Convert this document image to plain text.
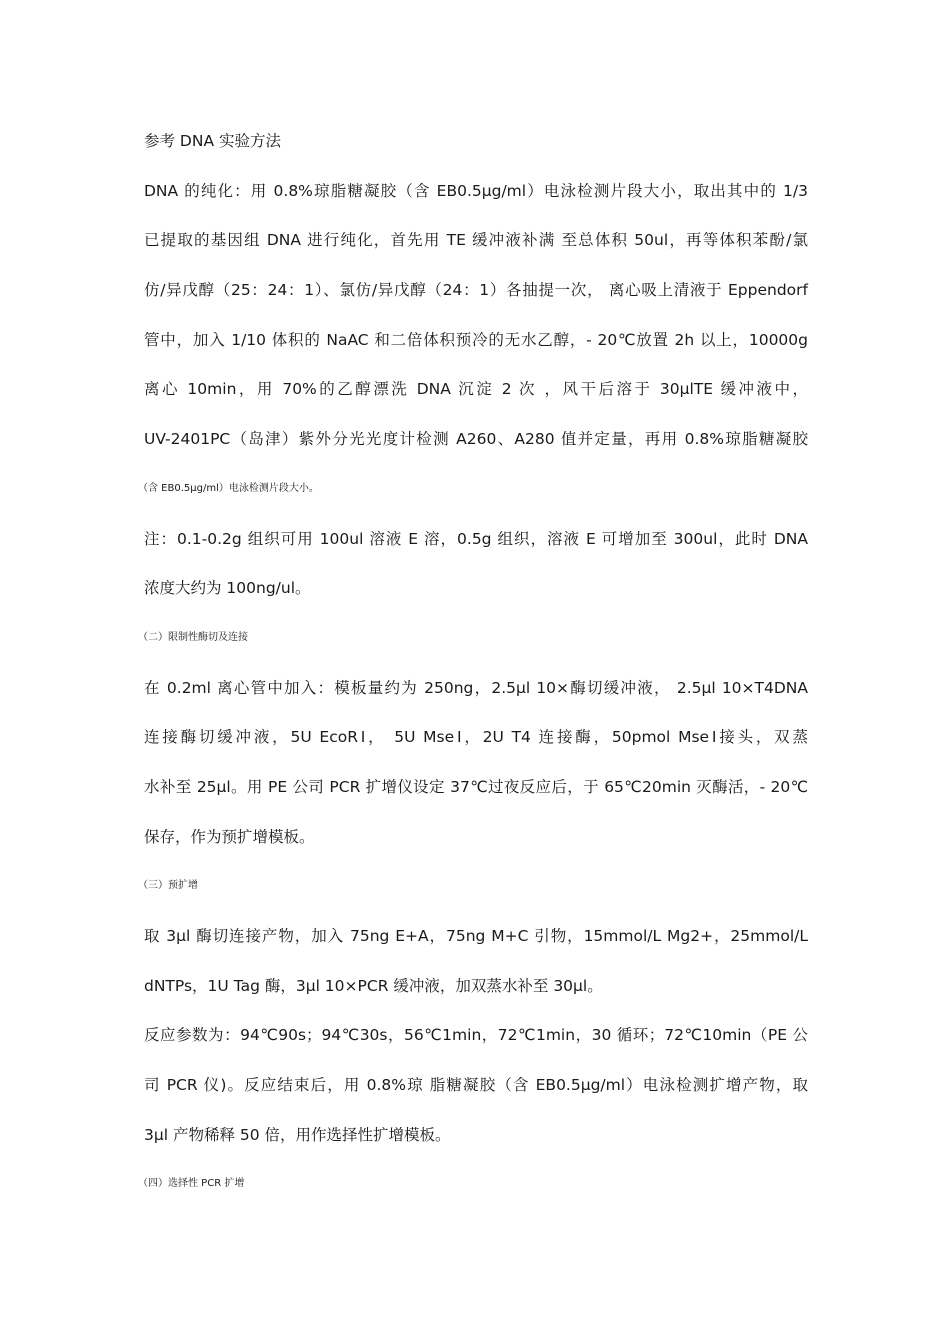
参考 DNA 实验方法
DNA 的纯化：用 0.8%琼脂糖凝胶（含 EB0.5μg/ml）电泳检测片段大小，取出其中的 1/3
已提取的基因组 DNA 进行纯化，首先用 TE 缓冲液补满 至总体积 50ul，再等体积苯酚/氯
仿/异戊醇（25：24：1）、氯仿/异戊醇（24：1）各抽提一次， 离心吸上清液于 Eppendorf
管中，加入 1/10 体积的 NaAC 和二倍体积预冷的无水乙醇，- 20℃放置 2h 以上，10000g
离心 10min，用 70%的乙醇漂洗 DNA 沉淀 2 次 ，风干后溶于 30μlTE 缓冲液中，
UV-2401PC（岛津）紫外分光光度计检测 A260、A280 值并定量，再用 0.8%琼脂糖凝胶
（含 EB0.5μg/ml）电泳检测片段大小。
注：0.1-0.2g 组织可用 100ul 溶液 E 溶，0.5g 组织，溶液 E 可增加至 300ul，此时 DNA
浓度大约为 100ng/ul。
（二）限制性酶切及连接
在 0.2ml 离心管中加入：模板量约为 250ng，2.5μl 10×酶切缓冲液， 2.5μl 10×T4DNA
连接酶切缓冲液，5U EcoRⅠ， 5U MseⅠ，2U T4 连接酶，50pmol MseⅠ接头，双蒸
水补至 25μl。用 PE 公司 PCR 扩增仪设定 37℃过夜反应后，于 65℃20min 灭酶活，- 20℃
保存，作为预扩增模板。
（三）预扩增
取 3μl 酶切连接产物，加入 75ng E+A，75ng M+C 引物，15mmol/L Mg2+，25mmol/L
dNTPs，1U Tag 酶，3μl 10×PCR 缓冲液，加双蒸水补至 30μl。
反应参数为：94℃90s；94℃30s，56℃1min，72℃1min，30 循环；72℃10min（PE 公
司 PCR 仪)。反应结束后，用 0.8%琼 脂糖凝胶（含 EB0.5μg/ml）电泳检测扩增产物，取
3μl 产物稀释 50 倍，用作选择性扩增模板。
（四）选择性 PCR 扩增
